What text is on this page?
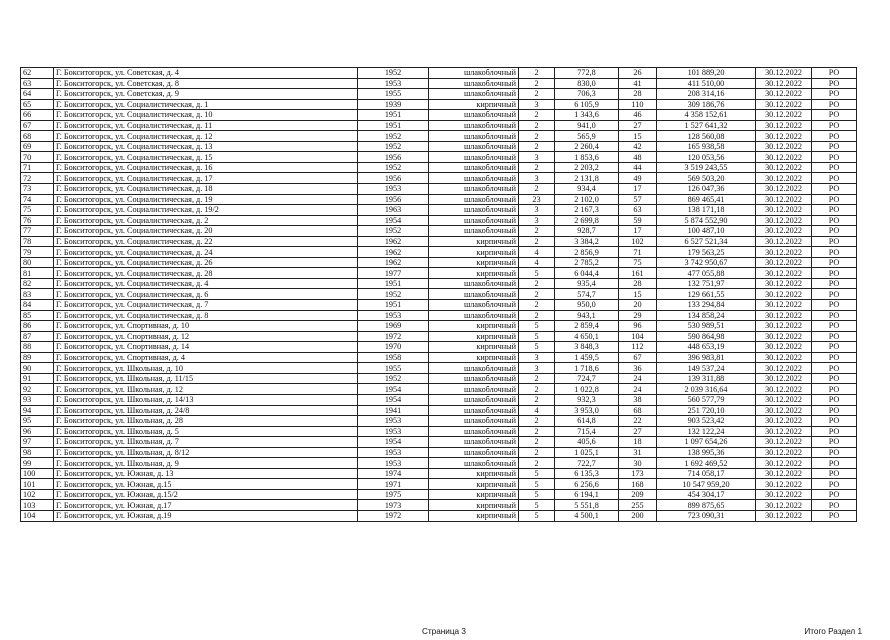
62	Г. Бокситогорск, ул. Советская, д. 4	1952	шлакоблочный	2	772,8	26	101 889,20	30.12.2022	РО
63	Г. Бокситогорск, ул. Советская, д. 8	1953	шлакоблочный	2	830,0	41	411 510,00	30.12.2022	РО
64	Г. Бокситогорск, ул. Советская, д. 9	1955	шлакоблочный	2	706,3	28	208 314,16	30.12.2022	РО
65	Г. Бокситогорск, ул. Социалистическая, д. 1	1939	кирпичный	3	6 105,9	110	309 186,76	30.12.2022	РО
66	Г. Бокситогорск, ул. Социалистическая, д. 10	1951	шлакоблочный	2	1 343,6	46	4 358 152,61	30.12.2022	РО
67	Г. Бокситогорск, ул. Социалистическая, д. 11	1951	шлакоблочный	2	941,0	27	1 527 641,32	30.12.2022	РО
68	Г. Бокситогорск, ул. Социалистическая, д. 12	1952	шлакоблочный	2	565,9	15	128 560,08	30.12.2022	РО
69	Г. Бокситогорск, ул. Социалистическая, д. 13	1952	шлакоблочный	2	2 260,4	42	165 938,58	30.12.2022	РО
70	Г. Бокситогорск, ул. Социалистическая, д. 15	1956	шлакоблочный	3	1 853,6	48	120 053,56	30.12.2022	РО
71	Г. Бокситогорск, ул. Социалистическая, д. 16	1952	шлакоблочный	2	2 203,2	44	3 519 243,55	30.12.2022	РО
72	Г. Бокситогорск, ул. Социалистическая, д. 17	1956	шлакоблочный	3	2 131,8	49	569 503,20	30.12.2022	РО
73	Г. Бокситогорск, ул. Социалистическая, д. 18	1953	шлакоблочный	2	934,4	17	126 047,36	30.12.2022	РО
74	Г. Бокситогорск, ул. Социалистическая, д. 19	1956	шлакоблочный	23	2 102,0	57	869 465,41	30.12.2022	РО
75	Г. Бокситогорск, ул. Социалистическая, д. 19/2	1963	шлакоблочный	3	2 167,3	63	138 171,18	30.12.2022	РО
76	Г. Бокситогорск, ул. Социалистическая, д. 2	1954	шлакоблочный	3	2 699,8	59	5 874 552,90	30.12.2022	РО
77	Г. Бокситогорск, ул. Социалистическая, д. 20	1952	шлакоблочный	2	928,7	17	100 487,10	30.12.2022	РО
78	Г. Бокситогорск, ул. Социалистическая, д. 22	1962	кирпичный	2	3 384,2	102	6 527 521,34	30.12.2022	РО
79	Г. Бокситогорск, ул. Социалистическая, д. 24	1962	кирпичный	4	2 856,9	71	179 563,25	30.12.2022	РО
80	Г. Бокситогорск, ул. Социалистическая, д. 26	1962	кирпичный	4	2 785,2	75	3 742 950,67	30.12.2022	РО
81	Г. Бокситогорск, ул. Социалистическая, д. 28	1977	кирпичный	5	6 044,4	161	477 055,88	30.12.2022	РО
82	Г. Бокситогорск, ул. Социалистическая, д. 4	1951	шлакоблочный	2	935,4	28	132 751,97	30.12.2022	РО
83	Г. Бокситогорск, ул. Социалистическая, д. 6	1952	шлакоблочный	2	574,7	15	129 661,55	30.12.2022	РО
84	Г. Бокситогорск, ул. Социалистическая, д. 7	1951	шлакоблочный	2	950,0	20	133 294,84	30.12.2022	РО
85	Г. Бокситогорск, ул. Социалистическая, д. 8	1953	шлакоблочный	2	943,1	29	134 858,24	30.12.2022	РО
86	Г. Бокситогорск, ул. Спортивная, д. 10	1969	кирпичный	5	2 859,4	96	530 989,51	30.12.2022	РО
87	Г. Бокситогорск, ул. Спортивная, д. 12	1972	кирпичный	5	4 650,1	104	590 864,98	30.12.2022	РО
88	Г. Бокситогорск, ул. Спортивная, д. 14	1970	кирпичный	5	3 848,3	112	448 653,19	30.12.2022	РО
89	Г. Бокситогорск, ул. Спортивная, д. 4	1958	кирпичный	3	1 459,5	67	396 983,81	30.12.2022	РО
90	Г. Бокситогорск, ул. Школьная, д. 10	1955	шлакоблочный	3	1 718,6	36	149 537,24	30.12.2022	РО
91	Г. Бокситогорск, ул. Школьная, д. 11/15	1952	шлакоблочный	2	724,7	24	139 311,88	30.12.2022	РО
92	Г. Бокситогорск, ул. Школьная, д. 12	1954	шлакоблочный	2	1 022,8	24	2 039 316,64	30.12.2022	РО
93	Г. Бокситогорск, ул. Школьная, д. 14/13	1954	шлакоблочный	2	932,3	38	560 577,79	30.12.2022	РО
94	Г. Бокситогорск, ул. Школьная, д. 24/8	1941	шлакоблочный	4	3 953,0	68	251 720,10	30.12.2022	РО
95	Г. Бокситогорск, ул. Школьная, д. 28	1953	шлакоблочный	2	614,8	22	903 523,42	30.12.2022	РО
96	Г. Бокситогорск, ул. Школьная, д. 5	1953	шлакоблочный	2	715,4	27	132 122,24	30.12.2022	РО
97	Г. Бокситогорск, ул. Школьная, д. 7	1954	шлакоблочный	2	405,6	18	1 097 654,26	30.12.2022	РО
98	Г. Бокситогорск, ул. Школьная, д. 8/12	1953	шлакоблочный	2	1 025,1	31	138 995,36	30.12.2022	РО
99	Г. Бокситогорск, ул. Школьная, д. 9	1953	шлакоблочный	2	722,7	30	1 692 469,52	30.12.2022	РО
100	Г. Бокситогорск, ул. Южная, д. 13	1974	кирпичный	5	6 135,3	173	714 058,17	30.12.2022	РО
101	Г. Бокситогорск, ул. Южная, д.15	1971	кирпичный	5	6 256,6	168	10 547 959,20	30.12.2022	РО
102	Г. Бокситогорск, ул. Южная, д.15/2	1975	кирпичный	5	6 194,1	209	454 304,17	30.12.2022	РО
103	Г. Бокситогорск, ул. Южная, д.17	1973	кирпичный	5	5 551,8	255	899 875,65	30.12.2022	РО
104	Г. Бокситогорск, ул. Южная, д.19	1972	кирпичный	5	4 500,1	200	723 090,31	30.12.2022	РО
Страница 3	Итого Раздел 1
